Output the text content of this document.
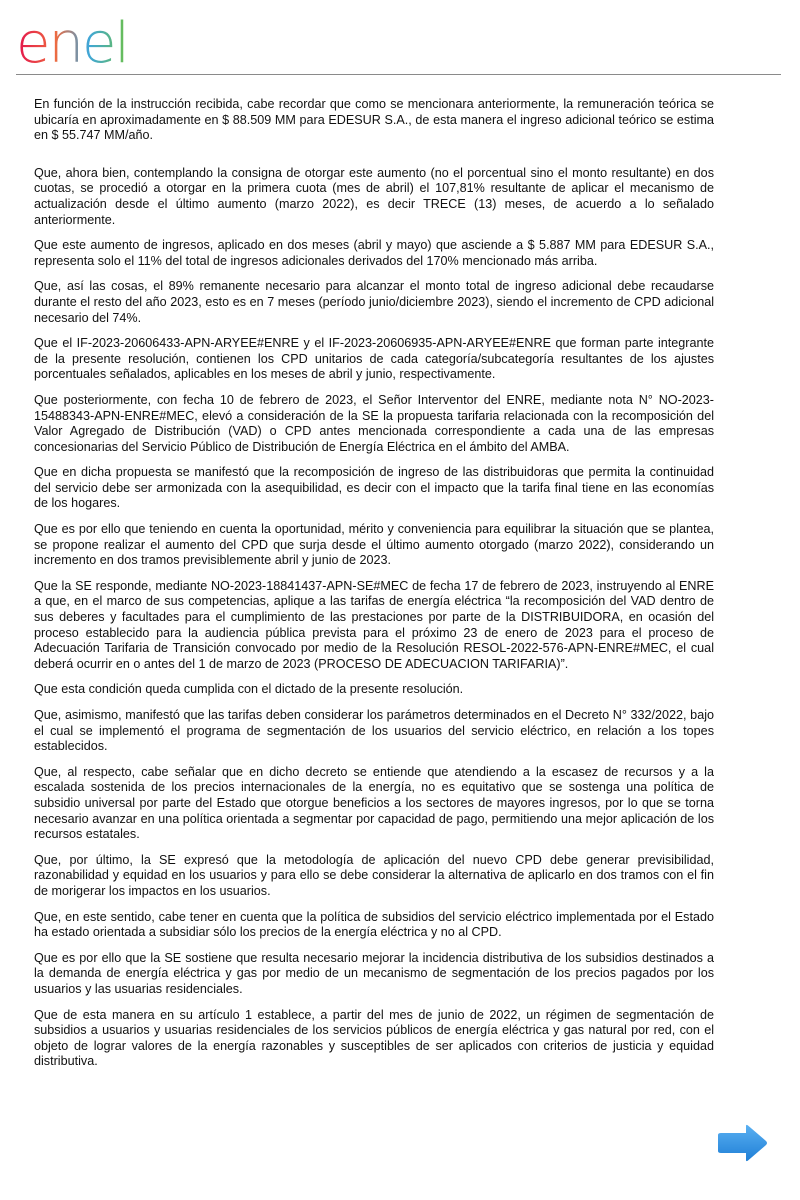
enel

En función de la instrucción recibida, cabe recordar que como se mencionara anteriormente, la remuneración teórica se ubicaría en aproximadamente en $ 88.509 MM para EDESUR S.A., de esta manera el ingreso adicional teórico se estima en $ 55.747 MM/año.

Que, ahora bien, contemplando la consigna de otorgar este aumento (no el porcentual sino el monto resultante) en dos cuotas, se procedió a otorgar en la primera cuota (mes de abril) el 107,81% resultante de aplicar el mecanismo de actualización desde el último aumento (marzo 2022), es decir TRECE (13) meses, de acuerdo a lo señalado anteriormente.

Que este aumento de ingresos, aplicado en dos meses (abril y mayo) que asciende a $ 5.887 MM para EDESUR S.A., representa solo el 11% del total de ingresos adicionales derivados del 170% mencionado más arriba.

Que, así las cosas, el 89% remanente necesario para alcanzar el monto total de ingreso adicional debe recaudarse durante el resto del año 2023, esto es en 7 meses (período junio/diciembre 2023), siendo el incremento de CPD adicional necesario del 74%.

Que el IF-2023-20606433-APN-ARYEE#ENRE y el IF-2023-20606935-APN-ARYEE#ENRE que forman parte integrante de la presente resolución, contienen los CPD unitarios de cada categoría/subcategoría resultantes de los ajustes porcentuales señalados, aplicables en los meses de abril y junio, respectivamente.

Que posteriormente, con fecha 10 de febrero de 2023, el Señor Interventor del ENRE, mediante nota N° NO-2023-15488343-APN-ENRE#MEC, elevó a consideración de la SE la propuesta tarifaria relacionada con la recomposición del Valor Agregado de Distribución (VAD) o CPD antes mencionada correspondiente a cada una de las empresas concesionarias del Servicio Público de Distribución de Energía Eléctrica en el ámbito del AMBA.

Que en dicha propuesta se manifestó que la recomposición de ingreso de las distribuidoras que permita la continuidad del servicio debe ser armonizada con la asequibilidad, es decir con el impacto que la tarifa final tiene en las economías de los hogares.

Que es por ello que teniendo en cuenta la oportunidad, mérito y conveniencia para equilibrar la situación que se plantea, se propone realizar el aumento del CPD que surja desde el último aumento otorgado (marzo 2022), considerando un incremento en dos tramos previsiblemente abril y junio de 2023.

Que la SE responde, mediante NO-2023-18841437-APN-SE#MEC de fecha 17 de febrero de 2023, instruyendo al ENRE a que, en el marco de sus competencias, aplique a las tarifas de energía eléctrica “la recomposición del VAD dentro de sus deberes y facultades para el cumplimiento de las prestaciones por parte de la DISTRIBUIDORA, en ocasión del proceso establecido para la audiencia pública prevista para el próximo 23 de enero de 2023 para el proceso de Adecuación Tarifaria de Transición convocado por medio de la Resolución RESOL-2022-576-APN-ENRE#MEC, el cual deberá ocurrir en o antes del 1 de marzo de 2023 (PROCESO DE ADECUACION TARIFARIA)”.

Que esta condición queda cumplida con el dictado de la presente resolución.

Que, asimismo, manifestó que las tarifas deben considerar los parámetros determinados en el Decreto N° 332/2022, bajo el cual se implementó el programa de segmentación de los usuarios del servicio eléctrico, en relación a los topes establecidos.

Que, al respecto, cabe señalar que en dicho decreto se entiende que atendiendo a la escasez de recursos y a la escalada sostenida de los precios internacionales de la energía, no es equitativo que se sostenga una política de subsidio universal por parte del Estado que otorgue beneficios a los sectores de mayores ingresos, por lo que se torna necesario avanzar en una política orientada a segmentar por capacidad de pago, permitiendo una mejor aplicación de los recursos estatales.

Que, por último, la SE expresó que la metodología de aplicación del nuevo CPD debe generar previsibilidad, razonabilidad y equidad en los usuarios y para ello se debe considerar la alternativa de aplicarlo en dos tramos con el fin de morigerar los impactos en los usuarios.

Que, en este sentido, cabe tener en cuenta que la política de subsidios del servicio eléctrico implementada por el Estado ha estado orientada a subsidiar sólo los precios de la energía eléctrica y no al CPD.

Que es por ello que la SE sostiene que resulta necesario mejorar la incidencia distributiva de los subsidios destinados a la demanda de energía eléctrica y gas por medio de un mecanismo de segmentación de los precios pagados por los usuarios y las usuarias residenciales.

Que de esta manera en su artículo 1 establece, a partir del mes de junio de 2022, un régimen de segmentación de subsidios a usuarios y usuarias residenciales de los servicios públicos de energía eléctrica y gas natural por red, con el objeto de lograr valores de la energía razonables y susceptibles de ser aplicados con criterios de justicia y equidad distributiva.
